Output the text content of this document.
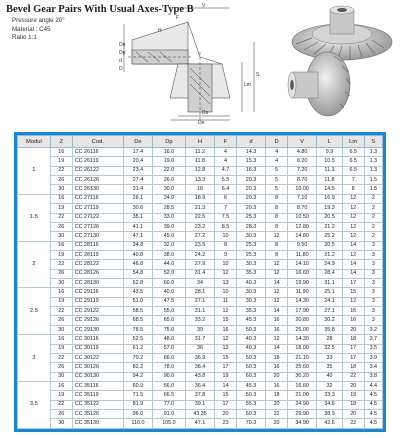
Bevel Gear Pairs With Usual Axes-Type B
Pressure angle 20°
Material : C45
Ratio 1:1
V
F
H
Dn
Dp
d
D
Lm
S
Ds
De
Modul	Z	Cod.	De	Dp	H	F	d	D	V	L	Lm	S
1	16	CC 26116	17.4	16.0	11.2	4	14.3	4	4.80	9.9	6.5	1.3
	19	CC 26119	20.4	19.0	11.8	4	15.3	4	6.20	10.5	6.5	1.3
	22	CC 26122	23.4	22.0	12.8	4.7	16.3	5	7.20	11.3	6.5	1.3
	26	CC 26126	27.4	26.0	13.3	5.5	20.3	5	8.70	11.8	7	1.5
	30	CC 26130	31.4	30.0	16	6.4	20.3	5	10.00	14.5	8	1.5
1.5	16	CC 27116	26.1	24.0	18.9	6	20.3	8	7.10	16.9	12	2
	19	CC 27119	30.6	28.5	21.3	7	20.3	8	8.70	19.3	12	2
	22	CC 27122	35.1	33.0	22.5	7.5	25.3	8	10.50	20.5	12	2
	26	CC 27126	41.1	39.0	23.2	8.5	28.3	8	12.80	21.2	12	2
	30	CC 27130	47.1	45.0	27.2	10	30.3	12	14.80	25.2	12	2
2	16	CC 28116	34.8	32.0	23.5	8	25.3	8	9.50	20.5	14	3
	19	CC 28119	40.8	38.0	24.2	9	25.3	8	11.80	21.2	12	3
	22	CC 28122	46.8	44.0	27.9	10	30.3	12	14.10	24.9	14	3
	26	CC 28126	54.8	52.0	31.4	12	35.3	12	16.60	28.4	14	3
	30	CC 28130	62.8	60.0	34	13	40.3	14	19.90	31.1	17	3
2.5	16	CC 29116	43.5	40.0	28.1	10	30.3	12	11.90	25.1	15	3
	19	CC 29119	51.0	47.5	27.1	11	30.3	12	14.30	24.1	12	3
	22	CC 29122	58.5	55.0	31.1	12	35.3	14	17.90	27.1	16	3
	26	CC 29126	68.5	65.0	33.2	15	45.3	16	20.80	30.2	16	3
	30	CC 29130	78.5	75.0	39	16	50.3	16	25.00	35.8	20	3.2
3	16	CC 30116	52.5	48.0	31.7	12	40.3	12	14.30	28	18	3.7
	19	CC 30119	61.2	57.0	36	13	40.3	14	18.00	32.5	17	3.5
	22	CC 30122	70.2	66.0	36.9	15	50.3	18	21.10	33	17	3.9
	26	CC 30126	82.2	78.0	38.4	17	50.3	16	25.60	35	18	3.4
	30	CC 30130	94.2	90.0	43.8	19	60.3	20	30.20	40	22	3.8
3.5	16	CC 35116	60.9	56.0	36.4	14	45.3	16	16.60	32	20	4.4
	19	CC 35119	71.5	66.5	37.8	15	50.3	18	21.00	33.3	19	4.5
	22	CC 35122	81.9	77.0	39.1	17	55.3	20	24.90	34.6	18	4.5
	26	CC 35126	96.0	91.0	43.35	20	60.3	22	29.90	38.9	20	4.5
	30	CC 35130	110.0	105.0	47.1	23	70.3	20	34.90	42.6	22	4.5
